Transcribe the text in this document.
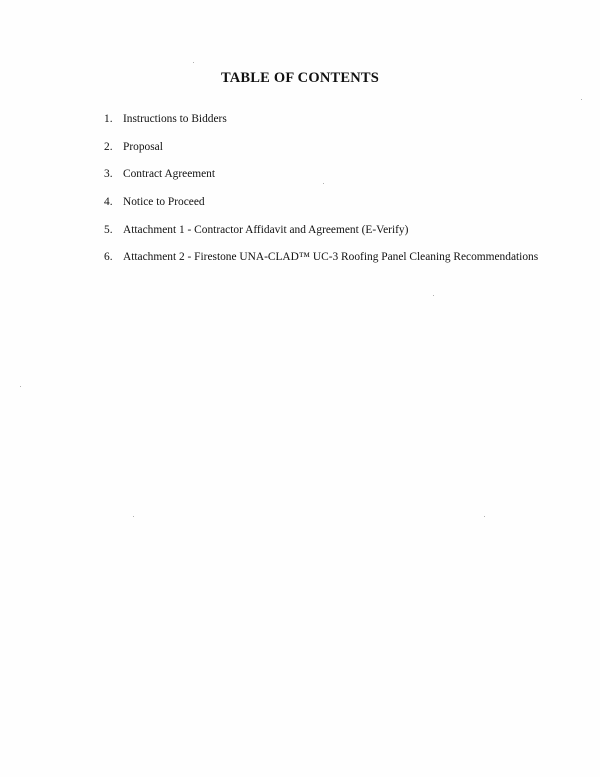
TABLE OF CONTENTS
1. Instructions to Bidders
2. Proposal
3. Contract Agreement
4. Notice to Proceed
5. Attachment 1 - Contractor Affidavit and Agreement (E-Verify)
6. Attachment 2 - Firestone UNA-CLAD™ UC-3 Roofing Panel Cleaning Recommendations
